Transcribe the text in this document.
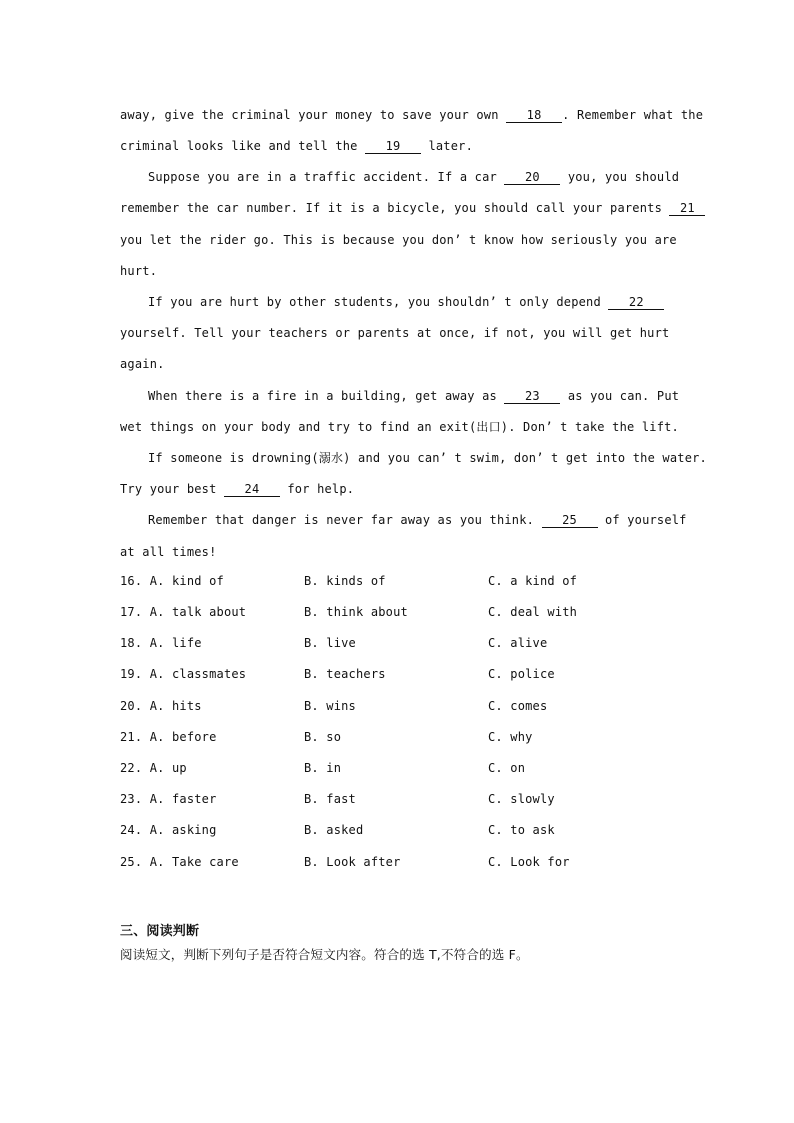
away, give the criminal your money to save your own 18 . Remember what the
criminal looks like and tell the 19 later.
Suppose you are in a traffic accident. If a car 20 you, you should
remember the car number. If it is a bicycle, you should call your parents 21
you let the rider go. This is because you don’ t know how seriously you are
hurt.
If you are hurt by other students, you shouldn’ t only depend 22
yourself. Tell your teachers or parents at once, if not, you will get hurt
again.
When there is a fire in a building, get away as 23 as you can. Put
wet things on your body and try to find an exit(出口). Don’ t take the lift.
If someone is drowning(溺水) and you can’ t swim, don’ t get into the water.
Try your best 24 for help.
Remember that danger is never far away as you think. 25 of yourself
at all times!
16. A. kind of	B. kinds of	C. a kind of
17. A. talk about	B. think about	C. deal with
18. A. life	B. live	C. alive
19. A. classmates	B. teachers	C. police
20. A. hits	B. wins	C. comes
21. A. before	B. so	C. why
22. A. up	B. in	C. on
23. A. faster	B. fast	C. slowly
24. A. asking	B. asked	C. to ask
25. A. Take care	B. Look after	C. Look for
三、阅读判断
阅读短文，判断下列句子是否符合短文内容。符合的选 T,不符合的选 F。
